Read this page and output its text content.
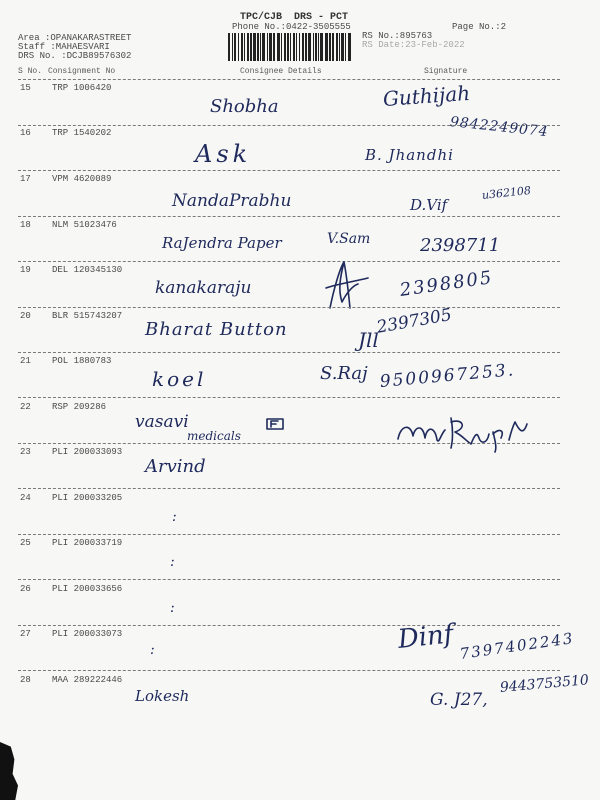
TPC/CJB  DRS - PCT
Phone No.:0422-3505555	Page No.:2
Area :OPANAKARASTREET
Staff :MAHAESVARI
DRS No. :DCJB89576302
RS No.:895763
RS Date:23-Feb-2022
S No. Consignment No	Consignee Details	Signature
15 TRP 1006420
Shobha	Guthijah
9842249074
16 TRP 1540202
Ask	B. Jhandhi
17 VPM 4620089
NandaPrabhu	D.Vif
u362108
18 NLM 51023476
RaJendra Paper	V.Sam	2398711
19 DEL 120345130
kanakaraju	2398805
20 BLR 515743207
Bharat Button	Jll
2397305
21 POL 1880783
koel	S.Raj 9500967253.
22 RSP 209286
vasavi
medicals
23 PLI 200033093
Arvind
24 PLI 200033205
:
25 PLI 200033719
:
26 PLI 200033656
:
27 PLI 200033073
:	Dinf 7397402243
28 MAA 289222446
Lokesh	G. J27,
9443753510
